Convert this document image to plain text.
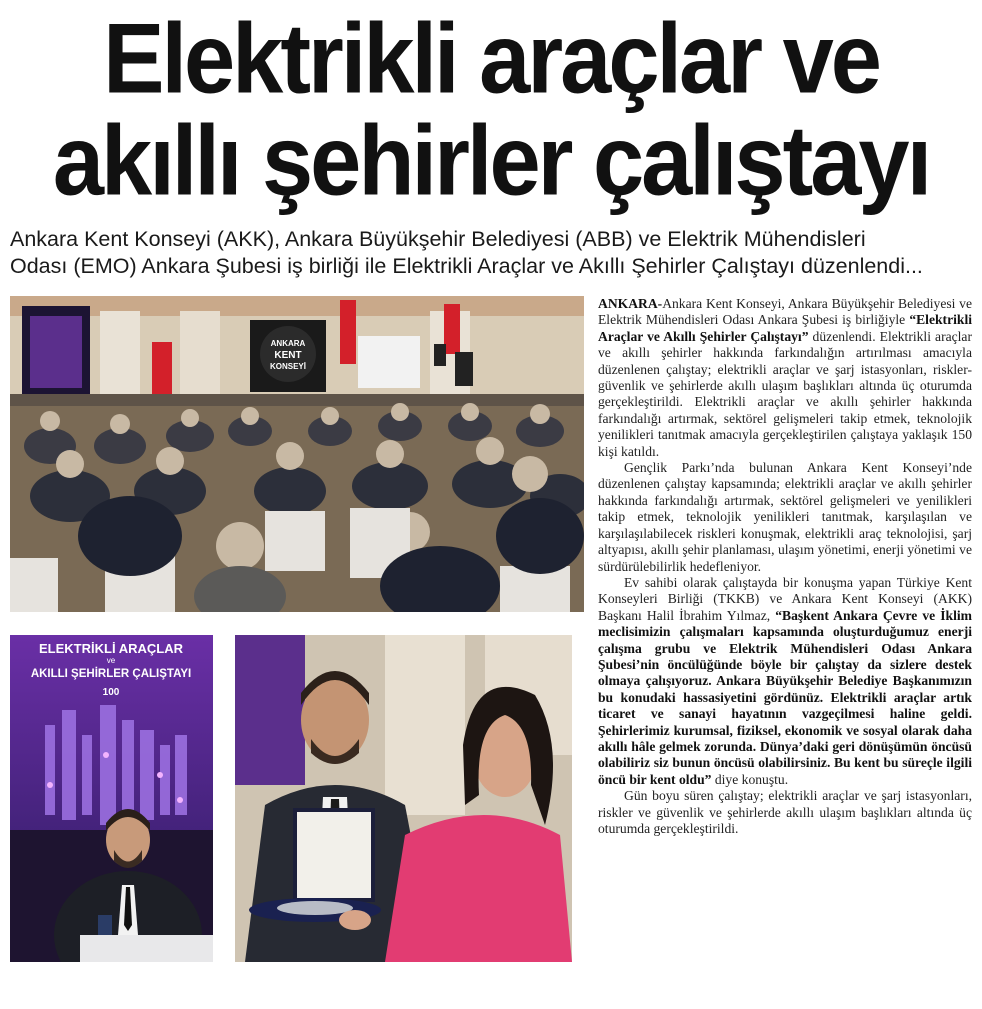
Elektrikli araçlar ve
akıllı şehirler çalıştayı
Ankara Kent Konseyi (AKK), Ankara Büyükşehir Belediyesi (ABB) ve Elektrik Mühendisleri
Odası (EMO) Ankara Şubesi iş birliği ile Elektrikli Araçlar ve Akıllı Şehirler Çalıştayı düzenlendi...
ANKARA
KENT
KONSEYİ
ELEKTRİKLİ ARAÇLAR
ve
AKILLI ŞEHİRLER ÇALIŞTAYI
100

ANKARA-Ankara Kent Konseyi, Ankara Büyükşehir Belediyesi ve Elektrik Mühendisleri Odası Ankara Şubesi iş birliğiyle “Elektrikli Araçlar ve Akıllı Şehirler Çalıştayı” düzenlendi. Elektrikli araçlar ve akıllı şehirler hakkında farkındalığın artırılması amacıyla düzenlenen çalıştay; elektrikli araçlar ve şarj istasyonları, riskler-güvenlik ve şehirlerde akıllı ulaşım başlıkları altında üç oturumda gerçekleştirildi. Elektrikli araçlar ve akıllı şehirler hakkında farkındalığı artırmak, sektörel gelişmeleri takip etmek, teknolojik yenilikleri tanıtmak amacıyla gerçekleştirilen çalıştaya yaklaşık 150 kişi katıldı.

Gençlik Parkı’nda bulunan Ankara Kent Konseyi’nde düzenlenen çalıştay kapsamında; elektrikli araçlar ve akıllı şehirler hakkında farkındalığı artırmak, sektörel gelişmeleri ve yenilikleri takip etmek, teknolojik yenilikleri tanıtmak, karşılaşılan ve karşılaşılabilecek riskleri konuşmak, elektrikli araç teknolojisi, şarj altyapısı, akıllı şehir planlaması, ulaşım yönetimi, enerji yönetimi ve sürdürülebilirlik hedefleniyor.

Ev sahibi olarak çalıştayda bir konuşma yapan Türkiye Kent Konseyleri Birliği (TKKB) ve Ankara Kent Konseyi (AKK) Başkanı Halil İbrahim Yılmaz, “Başkent Ankara Çevre ve İklim meclisimizin çalışmaları kapsamında oluşturduğumuz enerji çalışma grubu ve Elektrik Mühendisleri Odası Ankara Şubesi’nin öncülüğünde böyle bir çalıştay da sizlere destek olmaya çalışıyoruz. Ankara Büyükşehir Belediye Başkanımızın bu konudaki hassasiyetini gördünüz. Elektrikli araçlar artık ticaret ve sanayi hayatının vazgeçilmesi haline geldi. Şehirlerimiz kurumsal, fiziksel, ekonomik ve sosyal olarak daha akıllı hâle gelmek zorunda. Dünya’daki geri dönüşümün öncüsü olabiliriz siz bunun öncüsü olabilirsiniz. Bu kent bu süreçle ilgili öncü bir kent oldu” diye konuştu.

Gün boyu süren çalıştay; elektrikli araçlar ve şarj istasyonları, riskler ve güvenlik ve şehirlerde akıllı ulaşım başlıkları altında üç oturumda gerçekleştirildi.
